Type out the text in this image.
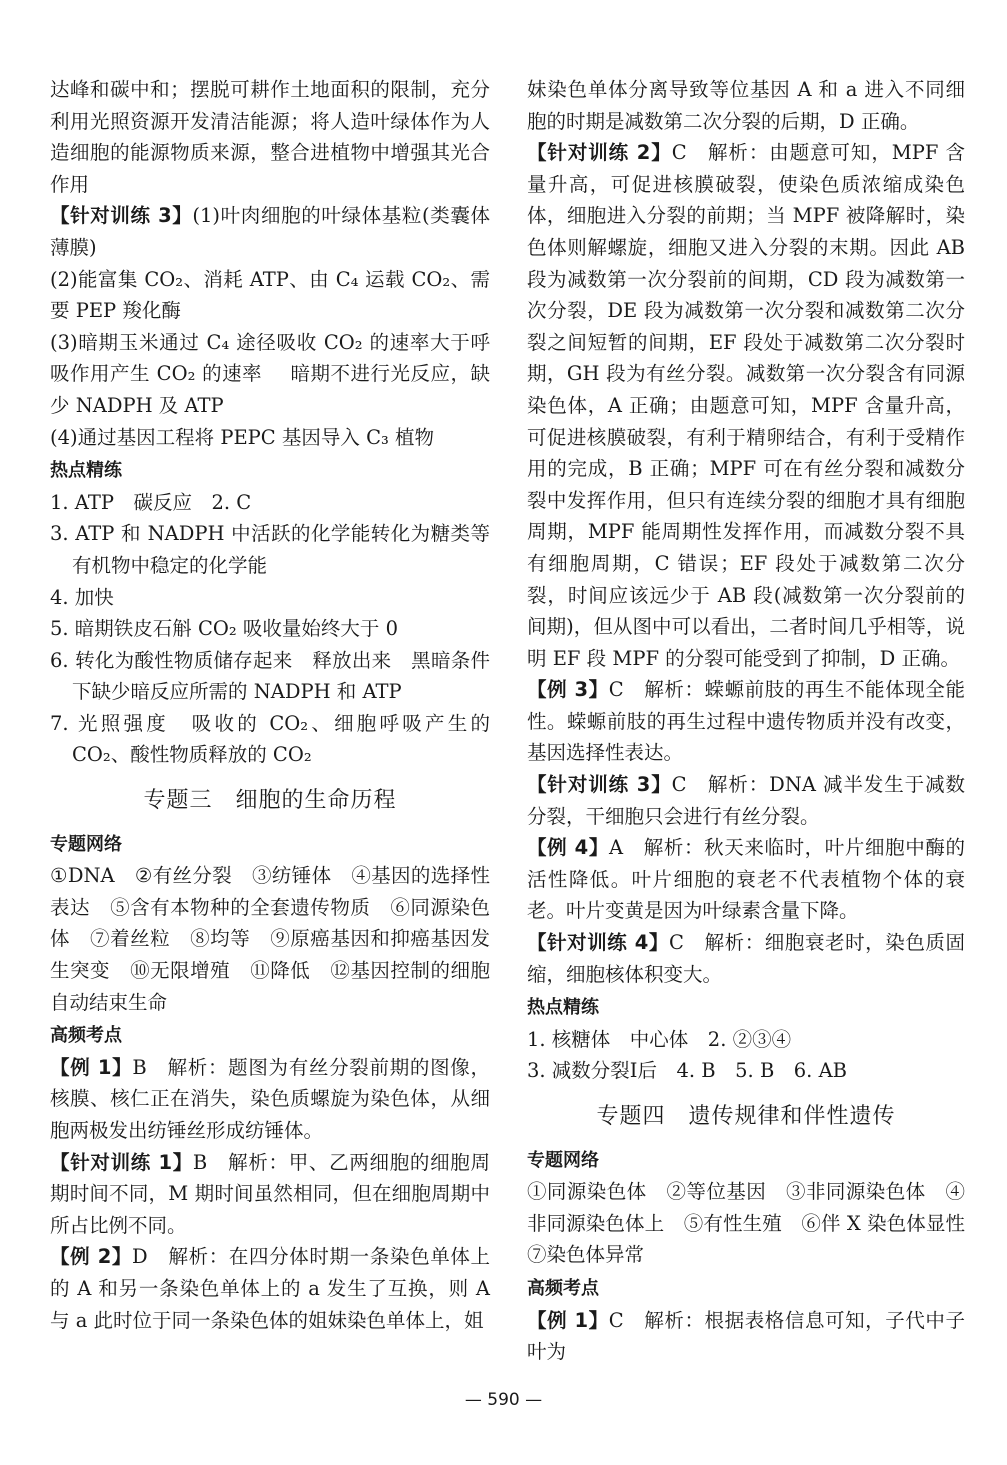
达峰和碳中和；摆脱可耕作土地面积的限制，充分利用光照资源开发清洁能源；将人造叶绿体作为人造细胞的能源物质来源，整合进植物中增强其光合作用

【针对训练 3】(1)叶肉细胞的叶绿体基粒(类囊体薄膜)

(2)能富集 CO₂、消耗 ATP、由 C₄ 运载 CO₂、需要 PEP 羧化酶

(3)暗期玉米通过 C₄ 途径吸收 CO₂ 的速率大于呼吸作用产生 CO₂ 的速率 暗期不进行光反应，缺少 NADPH 及 ATP

(4)通过基因工程将 PEPC 基因导入 C₃ 植物

热点精练

1. ATP　碳反应　2. C

3. ATP 和 NADPH 中活跃的化学能转化为糖类等有机物中稳定的化学能

4. 加快

5. 暗期铁皮石斛 CO₂ 吸收量始终大于 0

6. 转化为酸性物质储存起来　释放出来　黑暗条件下缺少暗反应所需的 NADPH 和 ATP

7. 光照强度　吸收的 CO₂、细胞呼吸产生的 CO₂、酸性物质释放的 CO₂

专题三　细胞的生命历程

专题网络

①DNA　②有丝分裂　③纺锤体　④基因的选择性表达　⑤含有本物种的全套遗传物质　⑥同源染色体　⑦着丝粒　⑧均等　⑨原癌基因和抑癌基因发生突变　⑩无限增殖　⑪降低　⑫基因控制的细胞自动结束生命

高频考点

【例 1】B　 解析：题图为有丝分裂前期的图像，核膜、核仁正在消失，染色质螺旋为染色体，从细胞两极发出纺锤丝形成纺锤体。

【针对训练 1】B　 解析：甲、乙两细胞的细胞周期时间不同，M 期时间虽然相同，但在细胞周期中所占比例不同。

【例 2】D　 解析：在四分体时期一条染色单体上的 A 和另一条染色单体上的 a 发生了互换，则 A 与 a 此时位于同一条染色体的姐妹染色单体上，姐

妹染色单体分离导致等位基因 A 和 a 进入不同细胞的时期是减数第二次分裂的后期，D 正确。

【针对训练 2】C　 解析：由题意可知，MPF 含量升高，可促进核膜破裂，使染色质浓缩成染色体，细胞进入分裂的前期；当 MPF 被降解时，染色体则解螺旋，细胞又进入分裂的末期。因此 AB 段为减数第一次分裂前的间期，CD 段为减数第一次分裂，DE 段为减数第一次分裂和减数第二次分裂之间短暂的间期，EF 段处于减数第二次分裂时期，GH 段为有丝分裂。减数第一次分裂含有同源染色体，A 正确；由题意可知，MPF 含量升高，可促进核膜破裂，有利于精卵结合，有利于受精作用的完成，B 正确；MPF 可在有丝分裂和减数分裂中发挥作用，但只有连续分裂的细胞才具有细胞周期，MPF 能周期性发挥作用，而减数分裂不具有细胞周期，C 错误；EF 段处于减数第二次分裂，时间应该远少于 AB 段(减数第一次分裂前的间期)，但从图中可以看出，二者时间几乎相等，说明 EF 段 MPF 的分裂可能受到了抑制，D 正确。

【例 3】C　 解析：蝾螈前肢的再生不能体现全能性。蝾螈前肢的再生过程中遗传物质并没有改变，基因选择性表达。

【针对训练 3】C　 解析：DNA 减半发生于减数分裂，干细胞只会进行有丝分裂。

【例 4】A　 解析：秋天来临时，叶片细胞中酶的活性降低。叶片细胞的衰老不代表植物个体的衰老。叶片变黄是因为叶绿素含量下降。

【针对训练 4】C　 解析：细胞衰老时，染色质固缩，细胞核体积变大。

热点精练

1. 核糖体　中心体　2. ②③④

3. 减数分裂Ⅰ后　4. B　5. B　6. AB

专题四　遗传规律和伴性遗传

专题网络

①同源染色体　②等位基因　③非同源染色体　④非同源染色体上　⑤有性生殖　⑥伴 X 染色体显性　⑦染色体异常

高频考点

【例 1】C　 解析：根据表格信息可知，子代中子叶为

— 590 —
